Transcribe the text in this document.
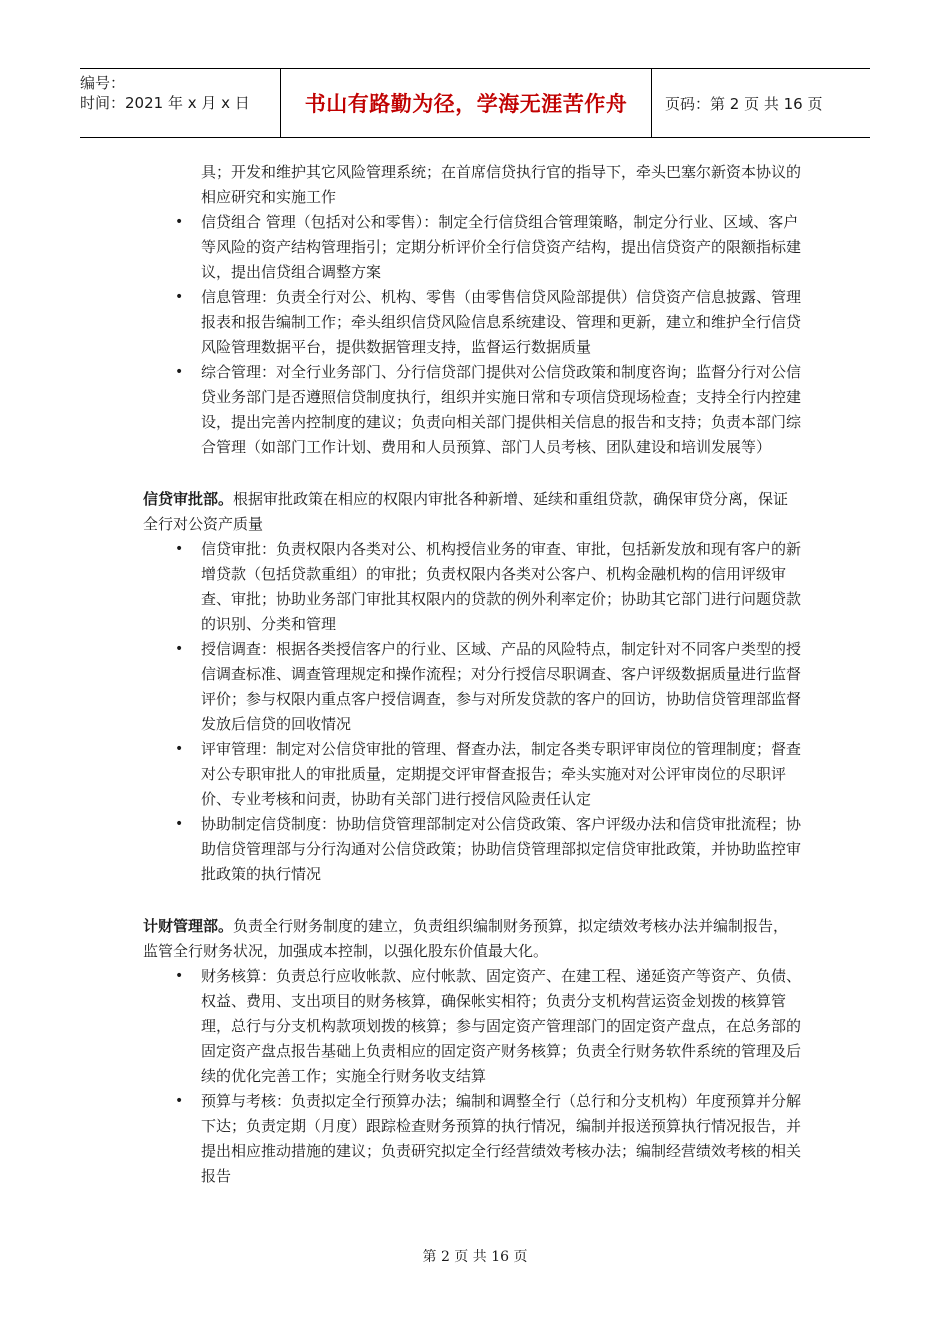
编号：
时间：2021 年 x 月 x 日	书山有路勤为径，学海无涯苦作舟	页码：第 2 页 共 16 页
具；开发和维护其它风险管理系统；在首席信贷执行官的指导下，牵头巴塞尔新资本协议的相应研究和实施工作
• 信贷组合 管理（包括对公和零售）：制定全行信贷组合管理策略，制定分行业、区域、客户等风险的资产结构管理指引；定期分析评价全行信贷资产结构，提出信贷资产的限额指标建议，提出信贷组合调整方案
• 信息管理：负责全行对公、机构、零售（由零售信贷风险部提供）信贷资产信息披露、管理报表和报告编制工作；牵头组织信贷风险信息系统建设、管理和更新，建立和维护全行信贷风险管理数据平台，提供数据管理支持，监督运行数据质量
• 综合管理：对全行业务部门、分行信贷部门提供对公信贷政策和制度咨询；监督分行对公信贷业务部门是否遵照信贷制度执行，组织并实施日常和专项信贷现场检查；支持全行内控建设，提出完善内控制度的建议；负责向相关部门提供相关信息的报告和支持；负责本部门综合管理（如部门工作计划、费用和人员预算、部门人员考核、团队建设和培训发展等）
信贷审批部。根据审批政策在相应的权限内审批各种新增、延续和重组贷款，确保审贷分离，保证全行对公资产质量
• 信贷审批：负责权限内各类对公、机构授信业务的审查、审批，包括新发放和现有客户的新增贷款（包括贷款重组）的审批；负责权限内各类对公客户、机构金融机构的信用评级审查、审批；协助业务部门审批其权限内的贷款的例外利率定价；协助其它部门进行问题贷款的识别、分类和管理
• 授信调查：根据各类授信客户的行业、区域、产品的风险特点，制定针对不同客户类型的授信调查标准、调查管理规定和操作流程；对分行授信尽职调查、客户评级数据质量进行监督评价；参与权限内重点客户授信调查，参与对所发贷款的客户的回访，协助信贷管理部监督发放后信贷的回收情况
• 评审管理：制定对公信贷审批的管理、督查办法，制定各类专职评审岗位的管理制度；督查对公专职审批人的审批质量，定期提交评审督查报告；牵头实施对对公评审岗位的尽职评价、专业考核和问责，协助有关部门进行授信风险责任认定
• 协助制定信贷制度：协助信贷管理部制定对公信贷政策、客户评级办法和信贷审批流程；协助信贷管理部与分行沟通对公信贷政策；协助信贷管理部拟定信贷审批政策，并协助监控审批政策的执行情况
计财管理部。负责全行财务制度的建立，负责组织编制财务预算，拟定绩效考核办法并编制报告，监管全行财务状况，加强成本控制，以强化股东价值最大化。
• 财务核算：负责总行应收帐款、应付帐款、固定资产、在建工程、递延资产等资产、负债、权益、费用、支出项目的财务核算，确保帐实相符；负责分支机构营运资金划拨的核算管理，总行与分支机构款项划拨的核算；参与固定资产管理部门的固定资产盘点，在总务部的固定资产盘点报告基础上负责相应的固定资产财务核算；负责全行财务软件系统的管理及后续的优化完善工作；实施全行财务收支结算
• 预算与考核：负责拟定全行预算办法；编制和调整全行（总行和分支机构）年度预算并分解下达；负责定期（月度）跟踪检查财务预算的执行情况，编制并报送预算执行情况报告，并提出相应推动措施的建议；负责研究拟定全行经营绩效考核办法；编制经营绩效考核的相关报告
第 2 页 共 16 页
